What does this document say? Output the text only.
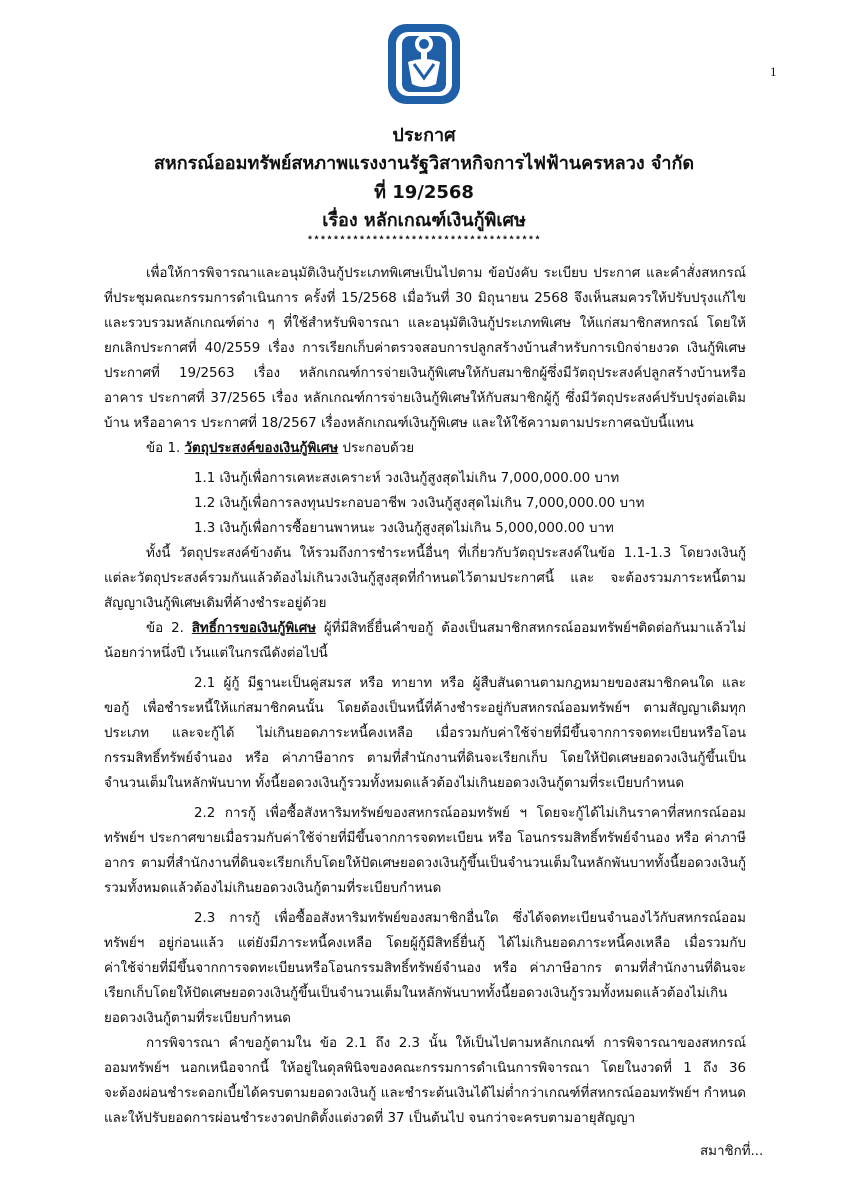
1
ประกาศ
สหกรณ์ออมทรัพย์สหภาพแรงงานรัฐวิสาหกิจการไฟฟ้านครหลวง จำกัด
ที่ 19/2568
เรื่อง หลักเกณฑ์เงินกู้พิเศษ
************************************
เพื่อให้การพิจารณาและอนุมัติเงินกู้ประเภทพิเศษเป็นไปตาม ข้อบังคับ ระเบียบ ประกาศ และคำสั่งสหกรณ์
ที่ประชุมคณะกรรมการดำเนินการ ครั้งที่ 15/2568 เมื่อวันที่ 30 มิถุนายน 2568 จึงเห็นสมควรให้ปรับปรุงแก้ไข
และรวบรวมหลักเกณฑ์ต่าง ๆ ที่ใช้สำหรับพิจารณา และอนุมัติเงินกู้ประเภทพิเศษ ให้แก่สมาชิกสหกรณ์ โดยให้
ยกเลิกประกาศที่ 40/2559 เรื่อง การเรียกเก็บค่าตรวจสอบการปลูกสร้างบ้านสำหรับการเบิกจ่ายงวด เงินกู้พิเศษ
ประกาศที่ 19/2563 เรื่อง หลักเกณฑ์การจ่ายเงินกู้พิเศษให้กับสมาชิกผู้ซึ่งมีวัตถุประสงค์ปลูกสร้างบ้านหรือ
อาคาร ประกาศที่ 37/2565 เรื่อง หลักเกณฑ์การจ่ายเงินกู้พิเศษให้กับสมาชิกผู้กู้ ซึ่งมีวัตถุประสงค์ปรับปรุงต่อเติม
บ้าน หรืออาคาร ประกาศที่ 18/2567 เรื่องหลักเกณฑ์เงินกู้พิเศษ และให้ใช้ความตามประกาศฉบับนี้แทน
ข้อ 1. วัตถุประสงค์ของเงินกู้พิเศษ ประกอบด้วย
1.1 เงินกู้เพื่อการเคหะสงเคราะห์ วงเงินกู้สูงสุดไม่เกิน 7,000,000.00 บาท
1.2 เงินกู้เพื่อการลงทุนประกอบอาชีพ วงเงินกู้สูงสุดไม่เกิน 7,000,000.00 บาท
1.3 เงินกู้เพื่อการซื้อยานพาหนะ วงเงินกู้สูงสุดไม่เกิน 5,000,000.00 บาท
ทั้งนี้ วัตถุประสงค์ข้างต้น ให้รวมถึงการชำระหนี้อื่นๆ ที่เกี่ยวกับวัตถุประสงค์ในข้อ 1.1-1.3 โดยวงเงินกู้
แต่ละวัตถุประสงค์รวมกันแล้วต้องไม่เกินวงเงินกู้สูงสุดที่กำหนดไว้ตามประกาศนี้ และ จะต้องรวมภาระหนี้ตาม
สัญญาเงินกู้พิเศษเดิมที่ค้างชำระอยู่ด้วย
ข้อ 2. สิทธิ์การขอเงินกู้พิเศษ ผู้ที่มีสิทธิ์ยื่นคำขอกู้ ต้องเป็นสมาชิกสหกรณ์ออมทรัพย์ฯติดต่อกันมาแล้วไม่
น้อยกว่าหนึ่งปี เว้นแต่ในกรณีดังต่อไปนี้
2.1 ผู้กู้ มีฐานะเป็นคู่สมรส หรือ ทายาท หรือ ผู้สืบสันดานตามกฎหมายของสมาชิกคนใด และ
ขอกู้ เพื่อชำระหนี้ให้แก่สมาชิกคนนั้น โดยต้องเป็นหนี้ที่ค้างชำระอยู่กับสหกรณ์ออมทรัพย์ฯ ตามสัญญาเดิมทุก
ประเภท และจะกู้ได้ ไม่เกินยอดภาระหนี้คงเหลือ เมื่อรวมกับค่าใช้จ่ายที่มีขึ้นจากการจดทะเบียนหรือโอน
กรรมสิทธิ์ทรัพย์จำนอง หรือ ค่าภาษีอากร ตามที่สำนักงานที่ดินจะเรียกเก็บ โดยให้ปัดเศษยอดวงเงินกู้ขึ้นเป็น
จำนวนเต็มในหลักพันบาท ทั้งนี้ยอดวงเงินกู้รวมทั้งหมดแล้วต้องไม่เกินยอดวงเงินกู้ตามที่ระเบียบกำหนด
2.2 การกู้ เพื่อซื้อสังหาริมทรัพย์ของสหกรณ์ออมทรัพย์ ฯ โดยจะกู้ได้ไม่เกินราคาที่สหกรณ์ออม
ทรัพย์ฯ ประกาศขายเมื่อรวมกับค่าใช้จ่ายที่มีขึ้นจากการจดทะเบียน หรือ โอนกรรมสิทธิ์ทรัพย์จำนอง หรือ ค่าภาษี
อากร ตามที่สำนักงานที่ดินจะเรียกเก็บโดยให้ปัดเศษยอดวงเงินกู้ขึ้นเป็นจำนวนเต็มในหลักพันบาททั้งนี้ยอดวงเงินกู้
รวมทั้งหมดแล้วต้องไม่เกินยอดวงเงินกู้ตามที่ระเบียบกำหนด
2.3 การกู้ เพื่อซื้ออสังหาริมทรัพย์ของสมาชิกอื่นใด ซึ่งได้จดทะเบียนจำนองไว้กับสหกรณ์ออม
ทรัพย์ฯ อยู่ก่อนแล้ว แต่ยังมีภาระหนี้คงเหลือ โดยผู้กู้มีสิทธิ์ยื่นกู้ ได้ไม่เกินยอดภาระหนี้คงเหลือ เมื่อรวมกับ
ค่าใช้จ่ายที่มีขึ้นจากการจดทะเบียนหรือโอนกรรมสิทธิ์ทรัพย์จำนอง หรือ ค่าภาษีอากร ตามที่สำนักงานที่ดินจะ
เรียกเก็บโดยให้ปัดเศษยอดวงเงินกู้ขึ้นเป็นจำนวนเต็มในหลักพันบาททั้งนี้ยอดวงเงินกู้รวมทั้งหมดแล้วต้องไม่เกิน
ยอดวงเงินกู้ตามที่ระเบียบกำหนด
การพิจารณา คำขอกู้ตามใน ข้อ 2.1 ถึง 2.3 นั้น ให้เป็นไปตามหลักเกณฑ์ การพิจารณาของสหกรณ์
ออมทรัพย์ฯ นอกเหนือจากนี้ ให้อยู่ในดุลพินิจของคณะกรรมการดำเนินการพิจารณา โดยในงวดที่ 1 ถึง 36
จะต้องผ่อนชำระดอกเบี้ยได้ครบตามยอดวงเงินกู้ และชำระต้นเงินได้ไม่ต่ำกว่าเกณฑ์ที่สหกรณ์ออมทรัพย์ฯ กำหนด
และให้ปรับยอดการผ่อนชำระงวดปกติตั้งแต่งวดที่ 37 เป็นต้นไป จนกว่าจะครบตามอายุสัญญา
สมาชิกที่...
